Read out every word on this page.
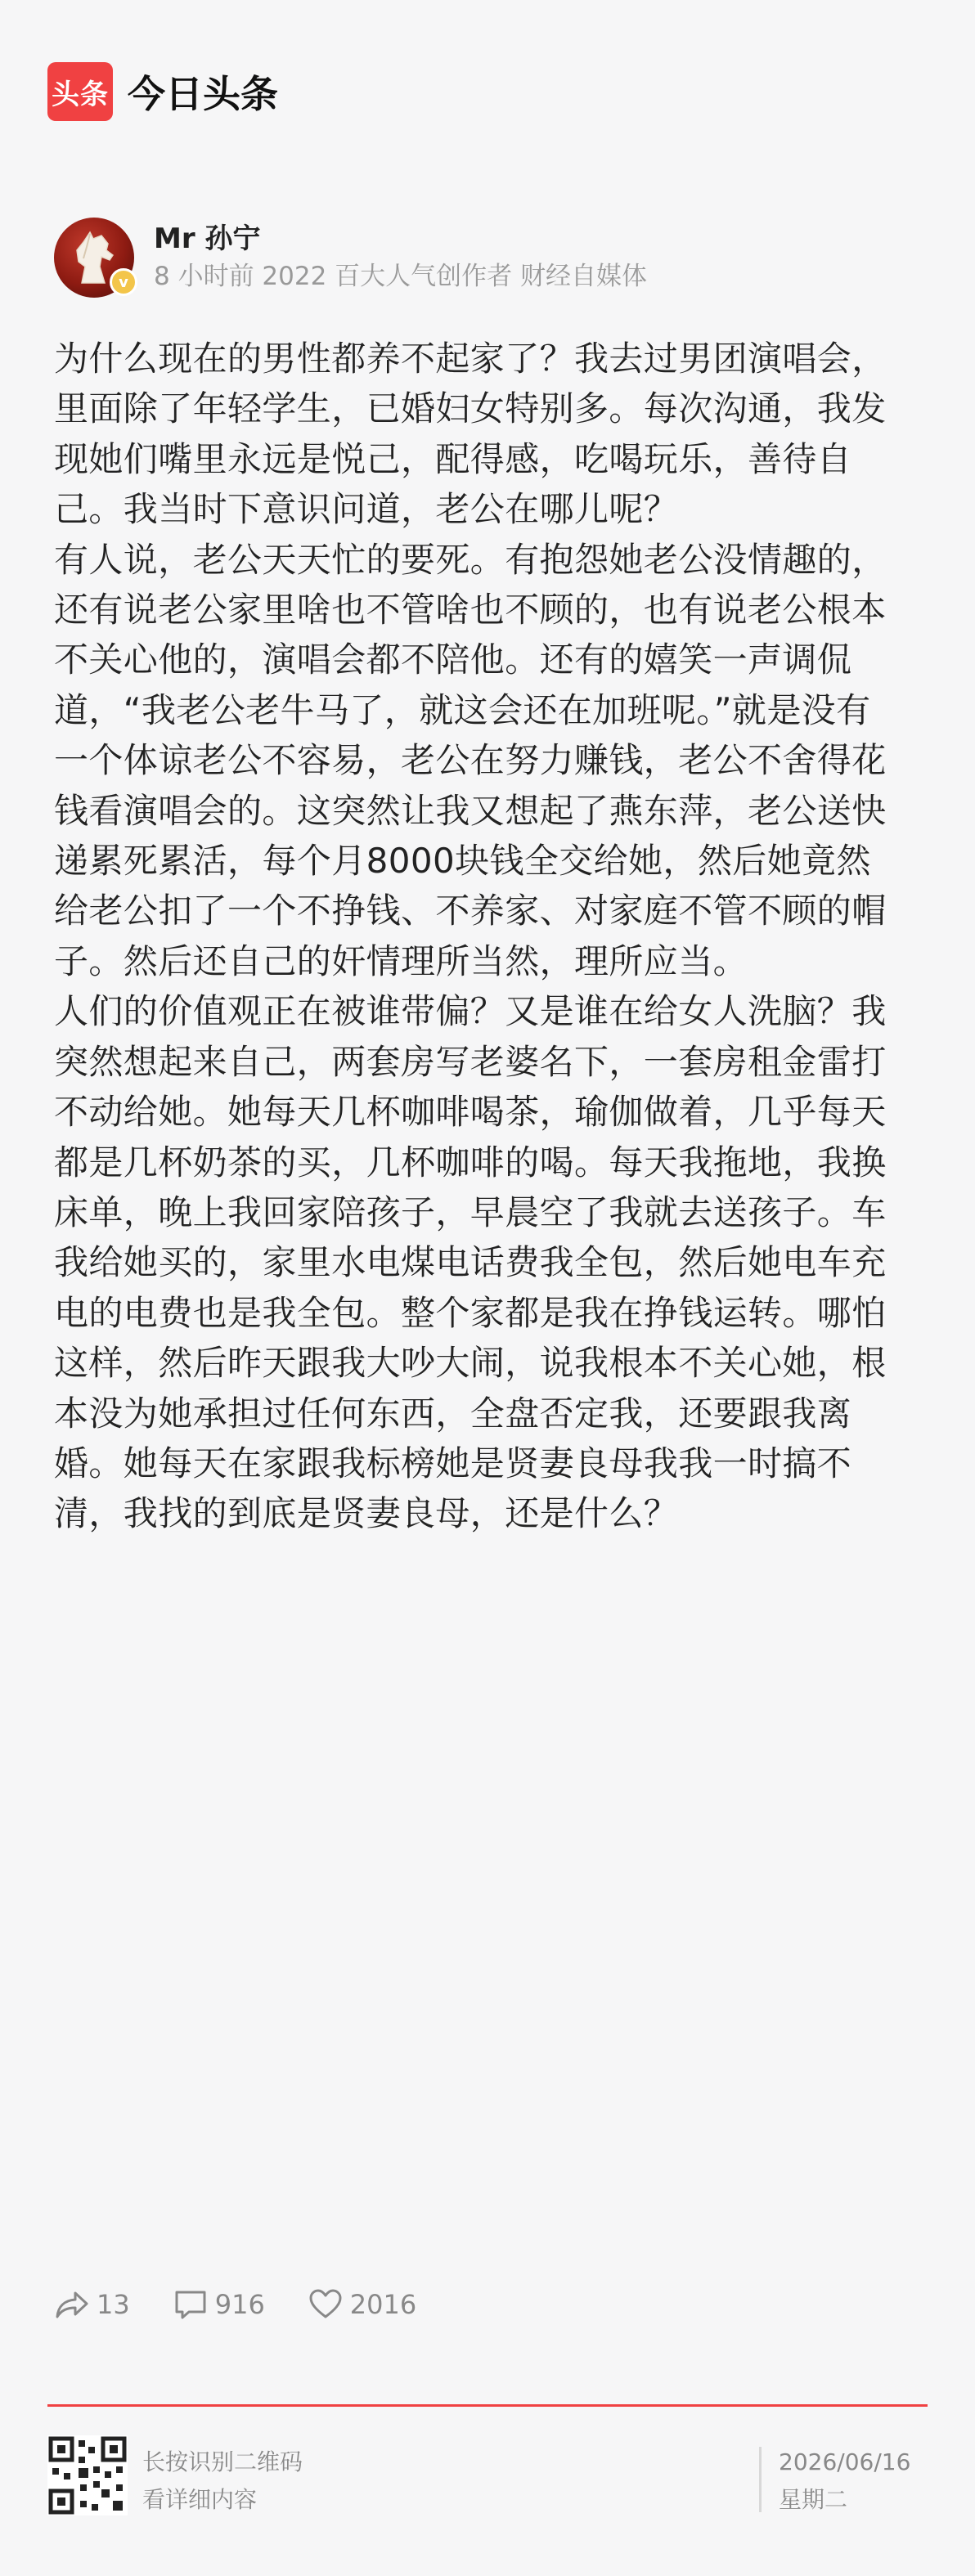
头条 今日头条
v
Mr 孙宁
8 小时前 2022 百大人气创作者 财经自媒体

为什么现在的男性都养不起家了？我去过男团演唱会，里面除了年轻学生，已婚妇女特别多。每次沟通，我发现她们嘴里永远是悦己，配得感，吃喝玩乐，善待自己。我当时下意识问道，老公在哪儿呢？

有人说，老公天天忙的要死。有抱怨她老公没情趣的，还有说老公家里啥也不管啥也不顾的，也有说老公根本不关心他的，演唱会都不陪他。还有的嬉笑一声调侃道，“我老公老牛马了，就这会还在加班呢。”就是没有一个体谅老公不容易，老公在努力赚钱，老公不舍得花钱看演唱会的。这突然让我又想起了燕东萍，老公送快递累死累活，每个月8000块钱全交给她，然后她竟然给老公扣了一个不挣钱、不养家、对家庭不管不顾的帽子。然后还自己的奸情理所当然，理所应当。

人们的价值观正在被谁带偏？又是谁在给女人洗脑？我突然想起来自己，两套房写老婆名下，一套房租金雷打不动给她。她每天几杯咖啡喝茶，瑜伽做着，几乎每天都是几杯奶茶的买，几杯咖啡的喝。每天我拖地，我换床单，晚上我回家陪孩子，早晨空了我就去送孩子。车我给她买的，家里水电煤电话费我全包，然后她电车充电的电费也是我全包。整个家都是我在挣钱运转。哪怕这样，然后昨天跟我大吵大闹，说我根本不关心她，根本没为她承担过任何东西，全盘否定我，还要跟我离婚。她每天在家跟我标榜她是贤妻良母我我一时搞不清，我找的到底是贤妻良母，还是什么？

13	916	2016
长按识别二维码
看详细内容
2026/06/16
星期二
